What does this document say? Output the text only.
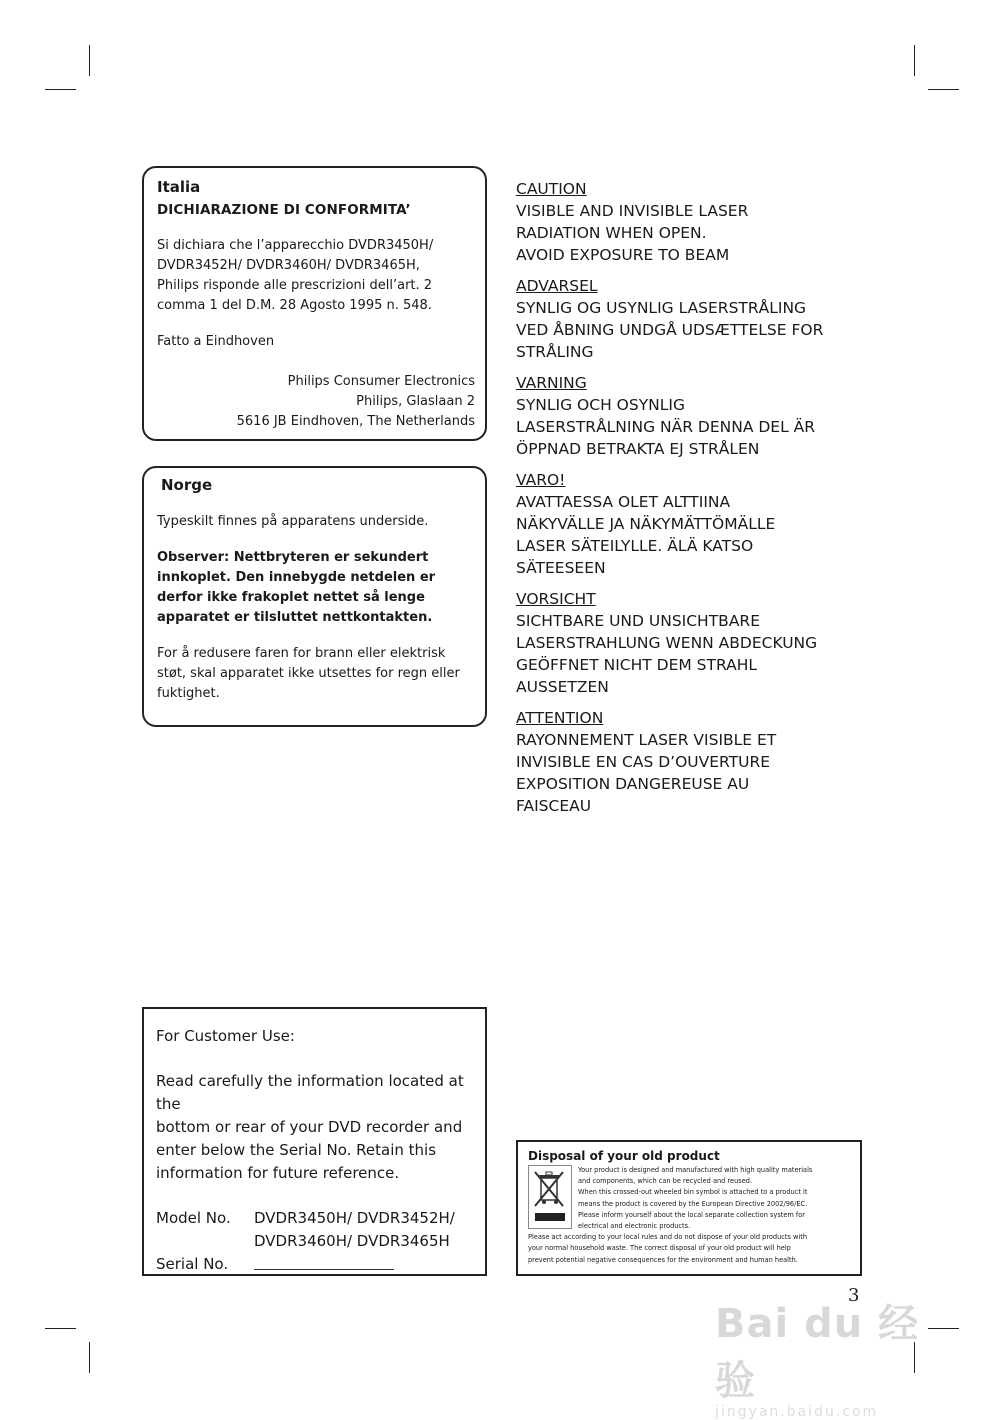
Italia
DICHIARAZIONE DI CONFORMITA’
Si dichiara che l’apparecchio DVDR3450H/
DVDR3452H/ DVDR3460H/ DVDR3465H,
Philips risponde alle prescrizioni dell’art. 2
comma 1 del D.M. 28 Agosto 1995 n. 548.
Fatto a Eindhoven
Philips Consumer Electronics
Philips, Glaslaan 2
5616 JB Eindhoven, The Netherlands
Norge
Typeskilt finnes på apparatens underside.
Observer: Nettbryteren er sekundert
innkoplet. Den innebygde netdelen er
derfor ikke frakoplet nettet så lenge
apparatet er tilsluttet nettkontakten.
For å redusere faren for brann eller elektrisk
støt, skal apparatet ikke utsettes for regn eller
fuktighet.
CAUTION
VISIBLE AND INVISIBLE LASER
RADIATION WHEN OPEN.
AVOID EXPOSURE TO BEAM
ADVARSEL
SYNLIG OG USYNLIG LASERSTRÅLING
VED ÅBNING UNDGÅ UDSÆTTELSE FOR
STRÅLING
VARNING
SYNLIG OCH OSYNLIG
LASERSTRÅLNING NÄR DENNA DEL ÄR
ÖPPNAD BETRAKTA EJ STRÅLEN
VARO!
AVATTAESSA OLET ALTTIINA
NÄKYVÄLLE JA NÄKYMÄTTÖMÄLLE
LASER SÄTEILYLLE. ÄLÄ KATSO
SÄTEESEEN
VORSICHT
SICHTBARE UND UNSICHTBARE
LASERSTRAHLUNG WENN ABDECKUNG
GEÖFFNET NICHT DEM STRAHL
AUSSETZEN
ATTENTION
RAYONNEMENT LASER VISIBLE ET
INVISIBLE EN CAS D’OUVERTURE
EXPOSITION DANGEREUSE AU
FAISCEAU
For Customer Use:
Read carefully the information located at the
bottom or rear of your DVD recorder and
enter below the Serial No. Retain this
information for future reference.
Model No.	DVDR3450H/ DVDR3452H/
DVDR3460H/ DVDR3465H
Serial No.
Disposal of your old product
Your product is designed and manufactured with high quality materials
and components, which can be recycled and reused.
When this crossed-out wheeled bin symbol is attached to a product it
means the product is covered by the European Directive 2002/96/EC.
Please inform yourself about the local separate collection system for
electrical and electronic products.
Please act according to your local rules and do not dispose of your old products with
your normal household waste. The correct disposal of your old product will help
prevent potential negative consequences for the environment and human health.
3
Bai du 经验
jingyan.baidu.com
